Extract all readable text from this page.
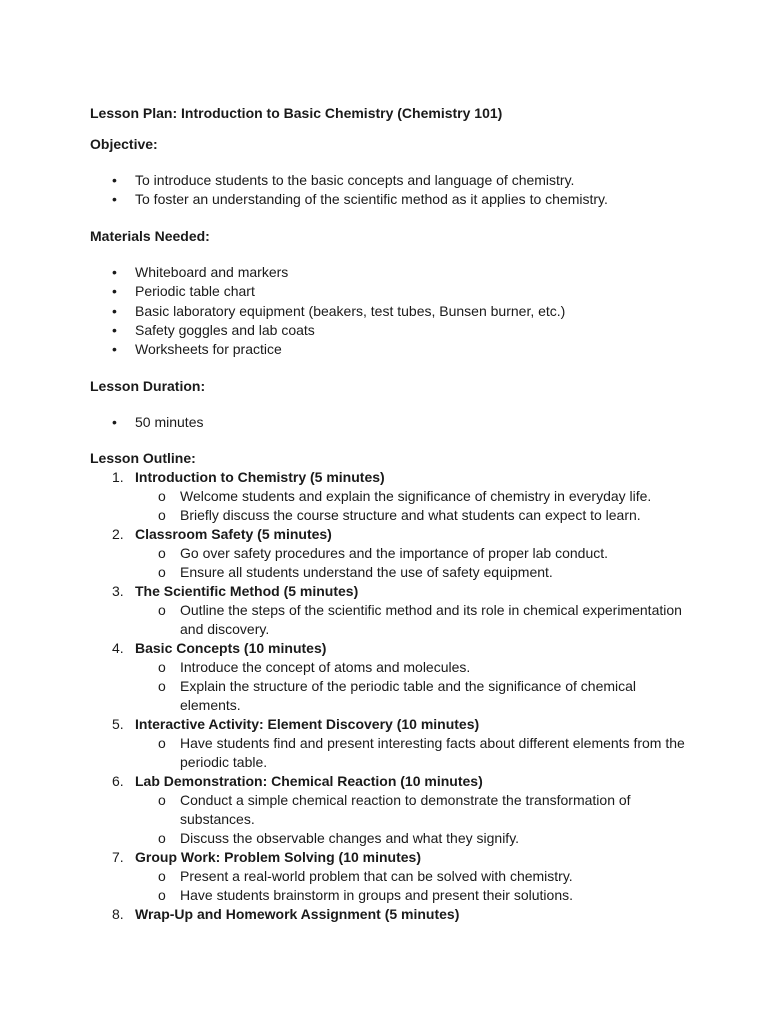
Lesson Plan: Introduction to Basic Chemistry (Chemistry 101)
Objective:
• To introduce students to the basic concepts and language of chemistry.
• To foster an understanding of the scientific method as it applies to chemistry.
Materials Needed:
• Whiteboard and markers
• Periodic table chart
• Basic laboratory equipment (beakers, test tubes, Bunsen burner, etc.)
• Safety goggles and lab coats
• Worksheets for practice
Lesson Duration:
• 50 minutes
Lesson Outline:
1. Introduction to Chemistry (5 minutes)
o Welcome students and explain the significance of chemistry in everyday life.
o Briefly discuss the course structure and what students can expect to learn.
2. Classroom Safety (5 minutes)
o Go over safety procedures and the importance of proper lab conduct.
o Ensure all students understand the use of safety equipment.
3. The Scientific Method (5 minutes)
o Outline the steps of the scientific method and its role in chemical experimentation and discovery.
4. Basic Concepts (10 minutes)
o Introduce the concept of atoms and molecules.
o Explain the structure of the periodic table and the significance of chemical elements.
5. Interactive Activity: Element Discovery (10 minutes)
o Have students find and present interesting facts about different elements from the periodic table.
6. Lab Demonstration: Chemical Reaction (10 minutes)
o Conduct a simple chemical reaction to demonstrate the transformation of substances.
o Discuss the observable changes and what they signify.
7. Group Work: Problem Solving (10 minutes)
o Present a real-world problem that can be solved with chemistry.
o Have students brainstorm in groups and present their solutions.
8. Wrap-Up and Homework Assignment (5 minutes)
